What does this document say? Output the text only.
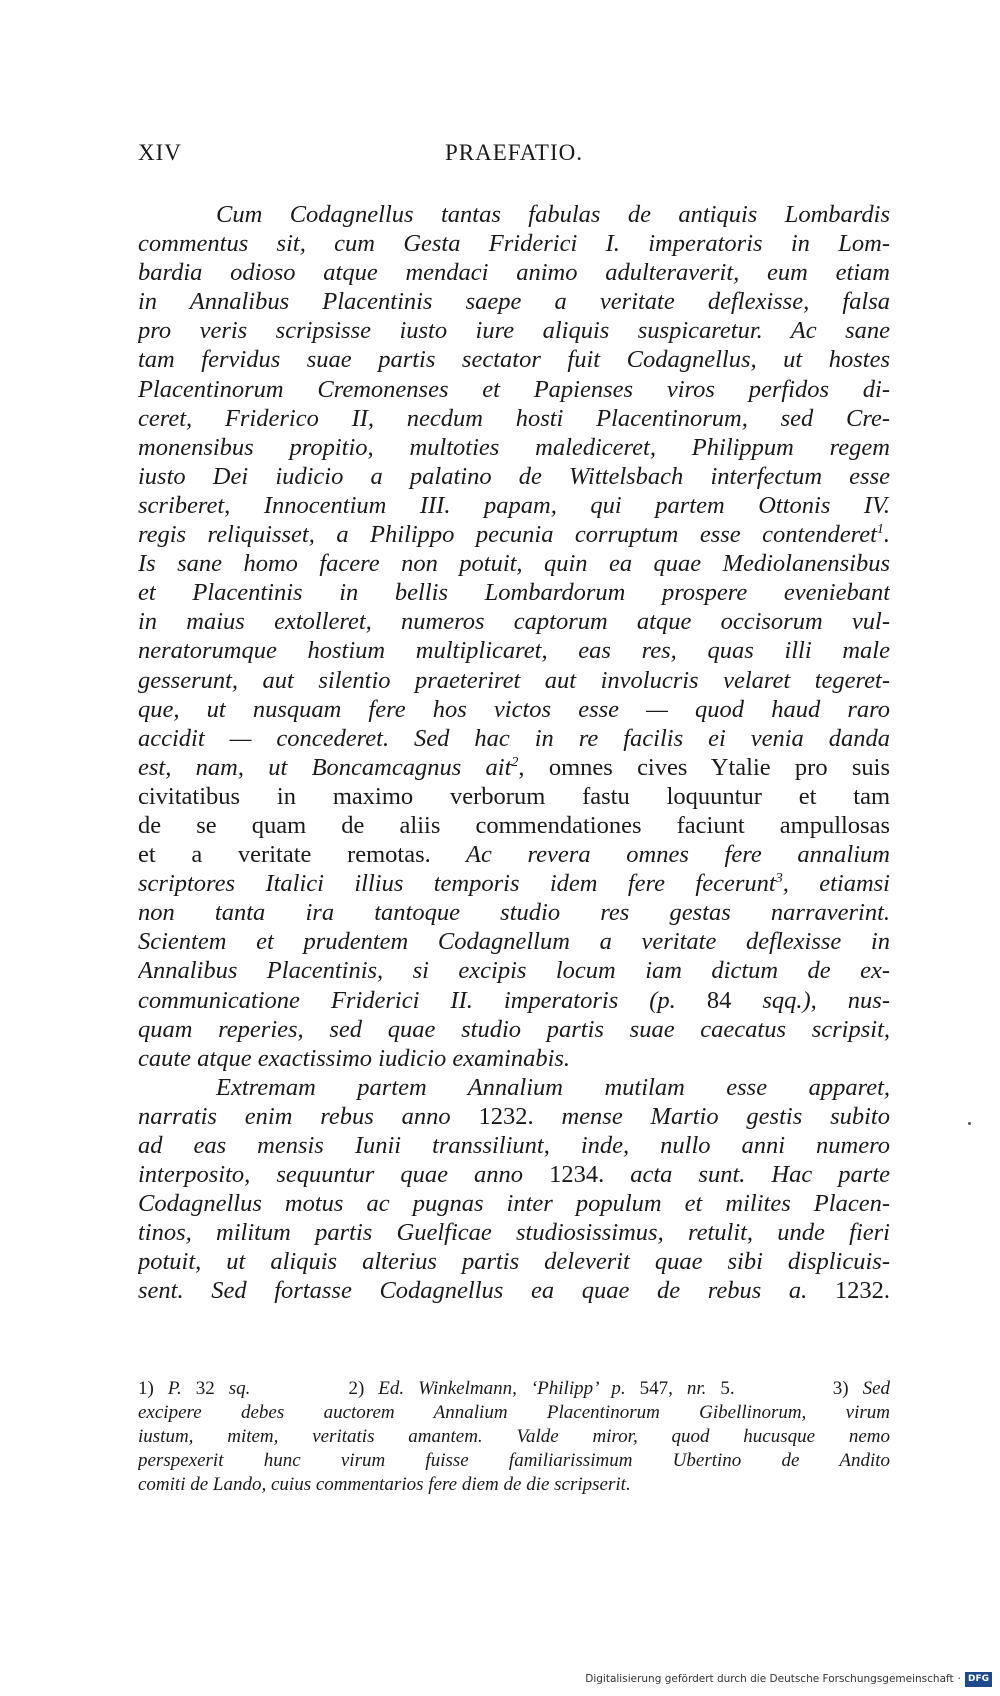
XIV	PRAEFATIO.
Cum Codagnellus tantas fabulas de antiquis Lombardis
commentus sit, cum Gesta Friderici I. imperatoris in Lom-
bardia odioso atque mendaci animo adulteraverit, eum etiam
in Annalibus Placentinis saepe a veritate deflexisse, falsa
pro veris scripsisse iusto iure aliquis suspicaretur. Ac sane
tam fervidus suae partis sectator fuit Codagnellus, ut hostes
Placentinorum Cremonenses et Papienses viros perfidos di-
ceret, Friderico II, necdum hosti Placentinorum, sed Cre-
monensibus propitio, multoties malediceret, Philippum regem
iusto Dei iudicio a palatino de Wittelsbach interfectum esse
scriberet, Innocentium III. papam, qui partem Ottonis IV.
regis reliquisset, a Philippo pecunia corruptum esse contenderet$^1$.
Is sane homo facere non potuit, quin ea quae Mediolanensibus
et Placentinis in bellis Lombardorum prospere eveniebant
in maius extolleret, numeros captorum atque occisorum vul-
neratorumque hostium multiplicaret, eas res, quas illi male
gesserunt, aut silentio praeteriret aut involucris velaret tegeret-
que, ut nusquam fere hos victos esse — quod haud raro
accidit — concederet. Sed hac in re facilis ei venia danda
est, nam, ut Boncamcagnus ait$^2$, omnes cives Ytalie pro suis
civitatibus in maximo verborum fastu loquuntur et tam
de se quam de aliis commendationes faciunt ampullosas
et a veritate remotas. Ac revera omnes fere annalium
scriptores Italici illius temporis idem fere fecerunt$^3$, etiamsi
non tanta ira tantoque studio res gestas narraverint.
Scientem et prudentem Codagnellum a veritate deflexisse in
Annalibus Placentinis, si excipis locum iam dictum de ex-
communicatione Friderici II. imperatoris (p. 84 sqq.), nus-
quam reperies, sed quae studio partis suae caecatus scripsit,
caute atque exactissimo iudicio examinabis.
Extremam partem Annalium mutilam esse apparet,
narratis enim rebus anno 1232. mense Martio gestis subito
ad eas mensis Iunii transsiliunt, inde, nullo anni numero
interposito, sequuntur quae anno 1234. acta sunt. Hac parte
Codagnellus motus ac pugnas inter populum et milites Placen-
tinos, militum partis Guelficae studiosissimus, retulit, unde fieri
potuit, ut aliquis alterius partis deleverit quae sibi displicuis-
sent. Sed fortasse Codagnellus ea quae de rebus a. 1232.
1) P. 32 sq.	2) Ed. Winkelmann, ‘Philipp’ p. 547, nr. 5.	3) Sed
excipere debes auctorem Annalium Placentinorum Gibellinorum, virum
iustum, mitem, veritatis amantem. Valde miror, quod hucusque nemo
perspexerit hunc virum fuisse familiarissimum Ubertino de Andito
comiti de Lando, cuius commentarios fere diem de die scripserit.
Digitalisierung gefördert durch die Deutsche Forschungsgemeinschaft · DFG
